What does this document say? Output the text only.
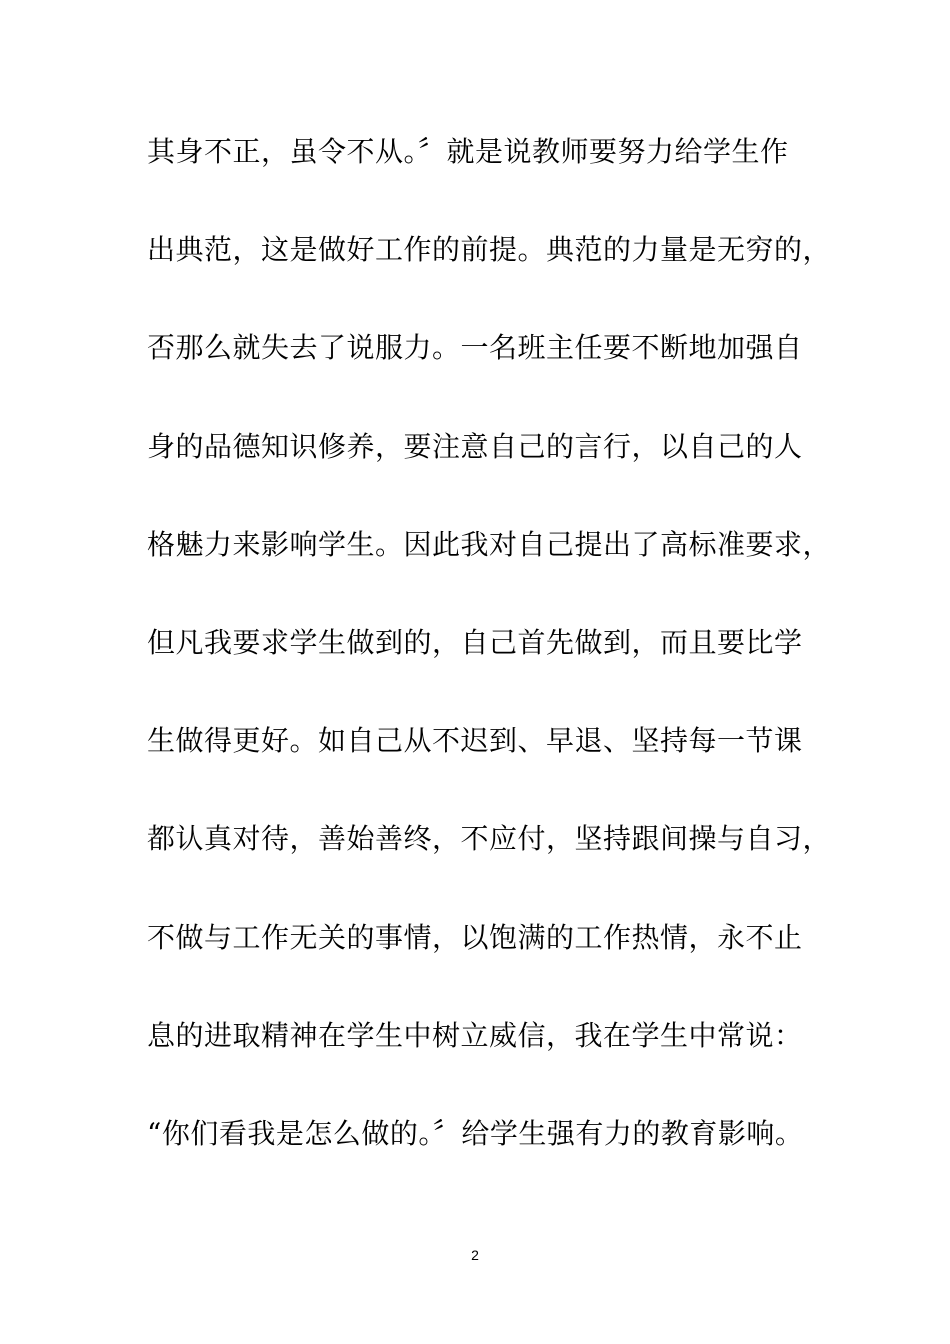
其身不正，虽令不从。〞就是说教师要努力给学生作
出典范，这是做好工作的前提。典范的力量是无穷的，
否那么就失去了说服力。一名班主任要不断地加强自
身的品德知识修养，要注意自己的言行，以自己的人
格魅力来影响学生。因此我对自己提出了高标准要求，
但凡我要求学生做到的，自己首先做到，而且要比学
生做得更好。如自己从不迟到、早退、坚持每一节课
都认真对待，善始善终，不应付，坚持跟间操与自习，
不做与工作无关的事情，以饱满的工作热情，永不止
息的进取精神在学生中树立威信，我在学生中常说：
“你们看我是怎么做的。〞给学生强有力的教育影响。
2
